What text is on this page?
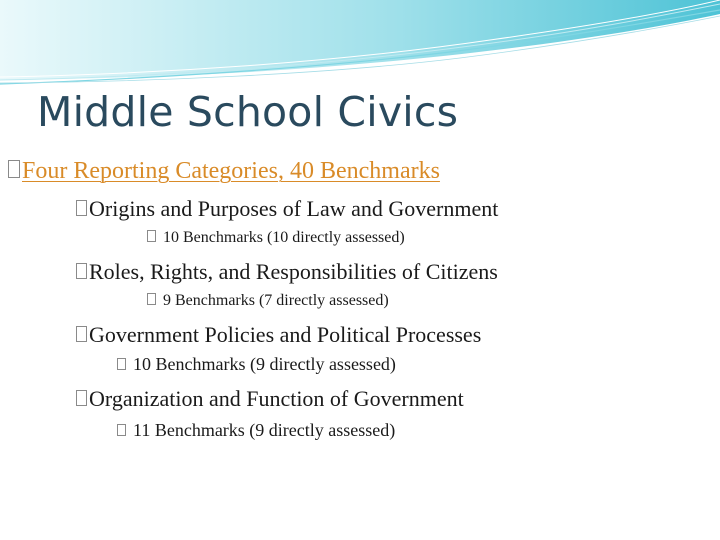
Middle School Civics
Four Reporting Categories, 40 Benchmarks
Origins and Purposes of Law and Government
10 Benchmarks (10 directly assessed)
Roles, Rights, and Responsibilities of Citizens
9 Benchmarks (7 directly assessed)
Government Policies and Political Processes
10 Benchmarks (9 directly assessed)
Organization and Function of Government
11 Benchmarks (9 directly assessed)
